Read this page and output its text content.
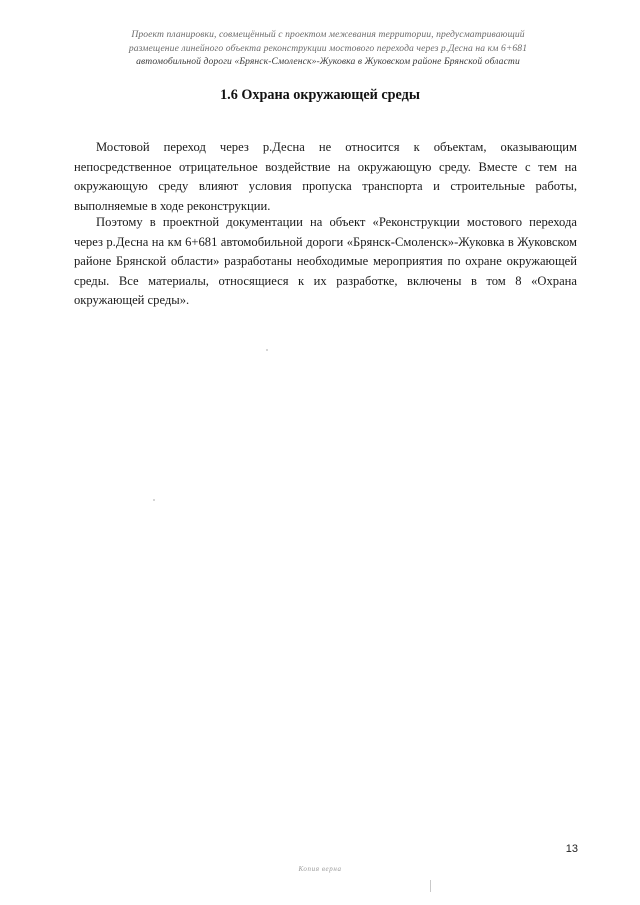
Проект планировки, совмещённый с проектом межевания территории, предусматривающий
размещение линейного объекта реконструкции мостового перехода через р.Десна на км 6+681
автомобильной дороги «Брянск-Смоленск»-Жуковка в Жуковском районе Брянской области
1.6 Охрана окружающей среды

Мостовой переход через р.Десна не относится к объектам, оказывающим непосредственное отрицательное воздействие на окружающую среду. Вместе с тем на окружающую среду влияют условия пропуска транспорта и строительные работы, выполняемые в ходе реконструкции.

Поэтому в проектной документации на объект «Реконструкции мостового перехода через р.Десна на км 6+681 автомобильной дороги «Брянск-Смоленск»-Жуковка в Жуковском районе Брянской области» разработаны необходимые мероприятия по охране окружающей среды. Все материалы, относящиеся к их разработке, включены в том 8 «Охрана окружающей среды».

13
Копия верна
